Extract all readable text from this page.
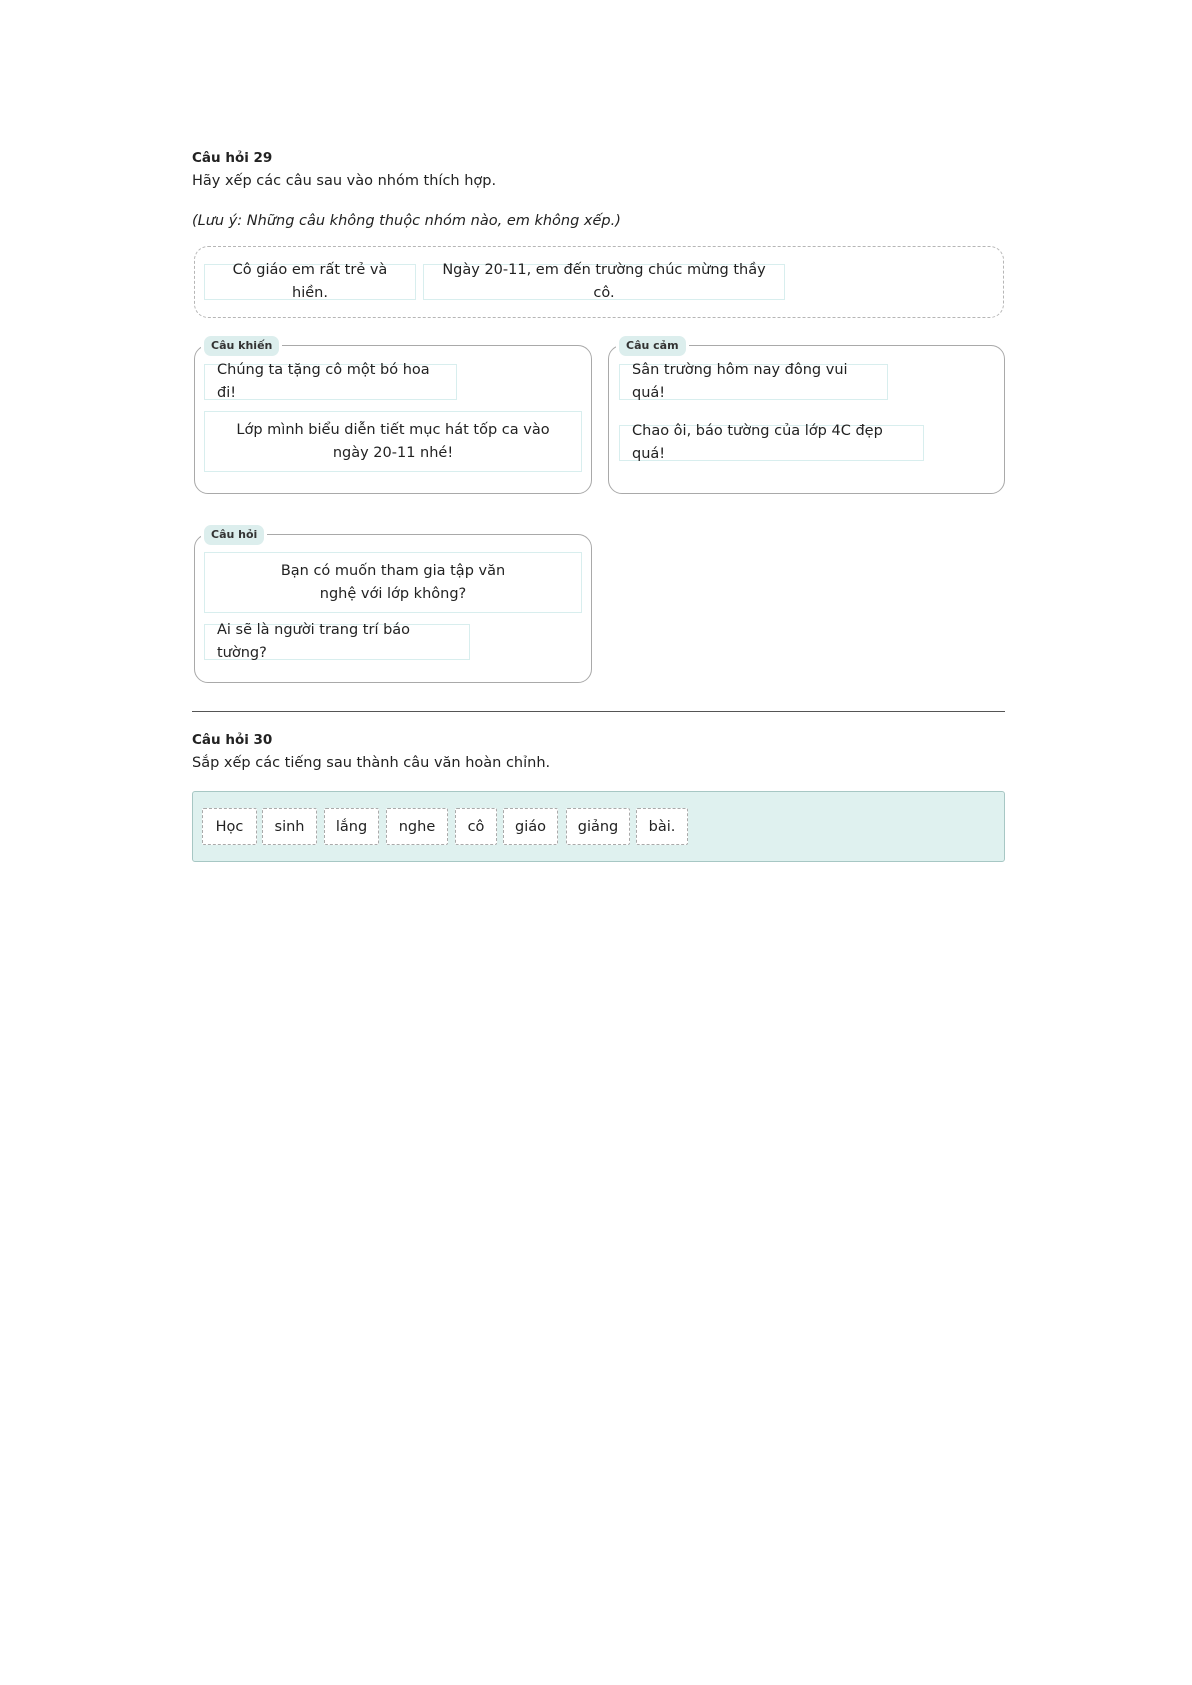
Câu hỏi 29
Hãy xếp các câu sau vào nhóm thích hợp.
(Lưu ý: Những câu không thuộc nhóm nào, em không xếp.)
Cô giáo em rất trẻ và hiền.
Ngày 20-11, em đến trường chúc mừng thầy cô.
Câu khiến
Chúng ta tặng cô một bó hoa đi!
Lớp mình biểu diễn tiết mục hát tốp ca vào ngày 20-11 nhé!
Câu cảm
Sân trường hôm nay đông vui quá!
Chao ôi, báo tường của lớp 4C đẹp quá!
Câu hỏi
Bạn có muốn tham gia tập văn nghệ với lớp không?
Ai sẽ là người trang trí báo tường?
Câu hỏi 30
Sắp xếp các tiếng sau thành câu văn hoàn chỉnh.
Học	sinh	lắng	nghe	cô	giáo	giảng	bài.
